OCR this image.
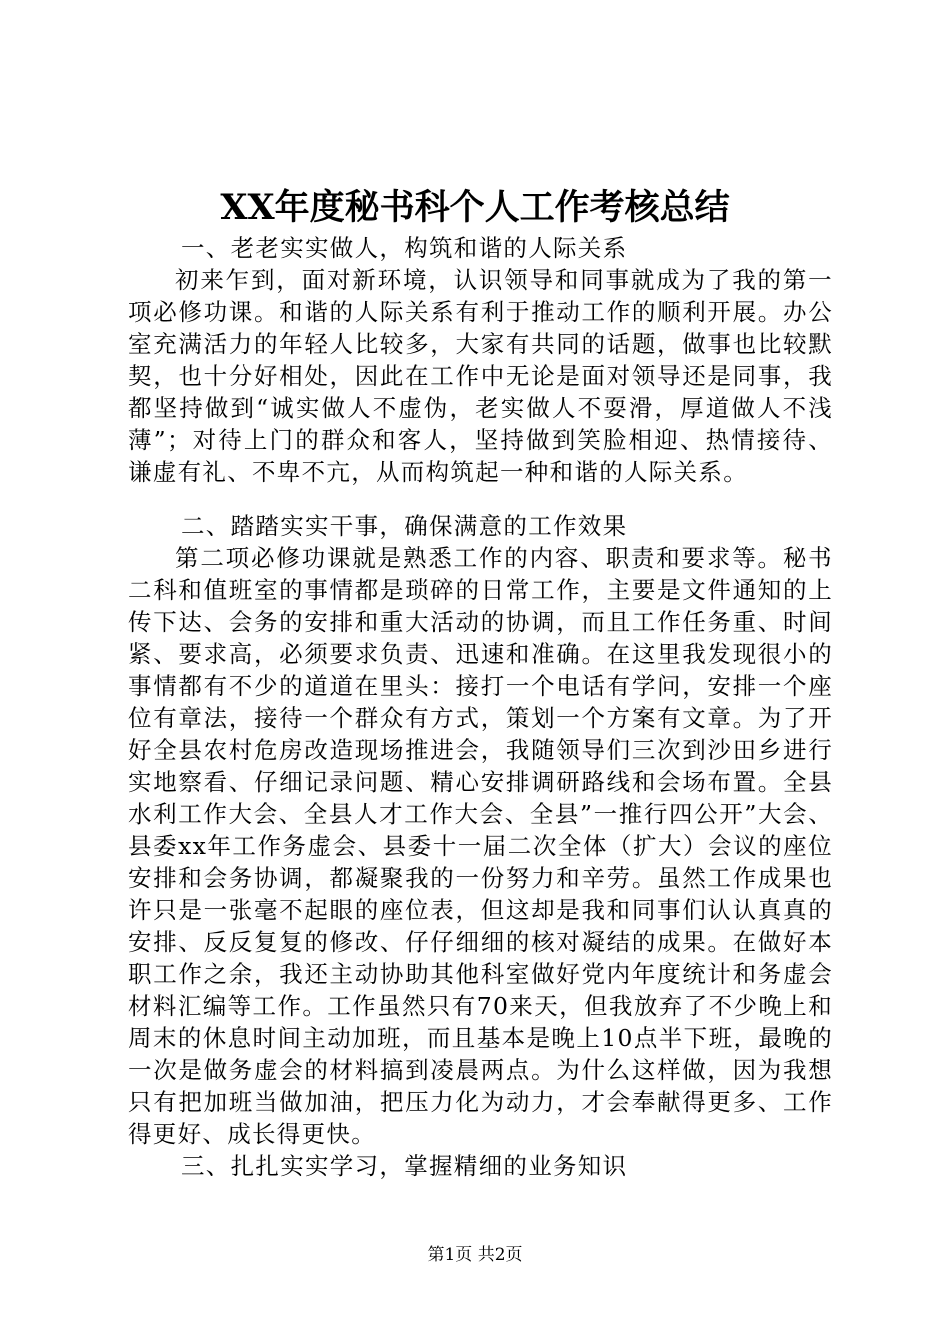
XX年度秘书科个人工作考核总结
一、老老实实做人，构筑和谐的人际关系
初来乍到，面对新环境，认识领导和同事就成为了我的第一项必修功课。和谐的人际关系有利于推动工作的顺利开展。办公室充满活力的年轻人比较多，大家有共同的话题，做事也比较默契，也十分好相处，因此在工作中无论是面对领导还是同事，我都坚持做到“诚实做人不虚伪，老实做人不耍滑，厚道做人不浅薄”；对待上门的群众和客人，坚持做到笑脸相迎、热情接待、谦虚有礼、不卑不亢，从而构筑起一种和谐的人际关系。
二、踏踏实实干事，确保满意的工作效果
第二项必修功课就是熟悉工作的内容、职责和要求等。秘书二科和值班室的事情都是琐碎的日常工作，主要是文件通知的上传下达、会务的安排和重大活动的协调，而且工作任务重、时间紧、要求高，必须要求负责、迅速和准确。在这里我发现很小的事情都有不少的道道在里头：接打一个电话有学问，安排一个座位有章法，接待一个群众有方式，策划一个方案有文章。为了开好全县农村危房改造现场推进会，我随领导们三次到沙田乡进行实地察看、仔细记录问题、精心安排调研路线和会场布置。全县水利工作大会、全县人才工作大会、全县”一推行四公开”大会、县委xx年工作务虚会、县委十一届二次全体（扩大）会议的座位安排和会务协调，都凝聚我的一份努力和辛劳。虽然工作成果也许只是一张毫不起眼的座位表，但这却是我和同事们认认真真的安排、反反复复的修改、仔仔细细的核对凝结的成果。在做好本职工作之余，我还主动协助其他科室做好党内年度统计和务虚会材料汇编等工作。工作虽然只有70来天，但我放弃了不少晚上和周末的休息时间主动加班，而且基本是晚上10点半下班，最晚的一次是做务虚会的材料搞到凌晨两点。为什么这样做，因为我想只有把加班当做加油，把压力化为动力，才会奉献得更多、工作得更好、成长得更快。
三、扎扎实实学习，掌握精细的业务知识
第1页 共2页
